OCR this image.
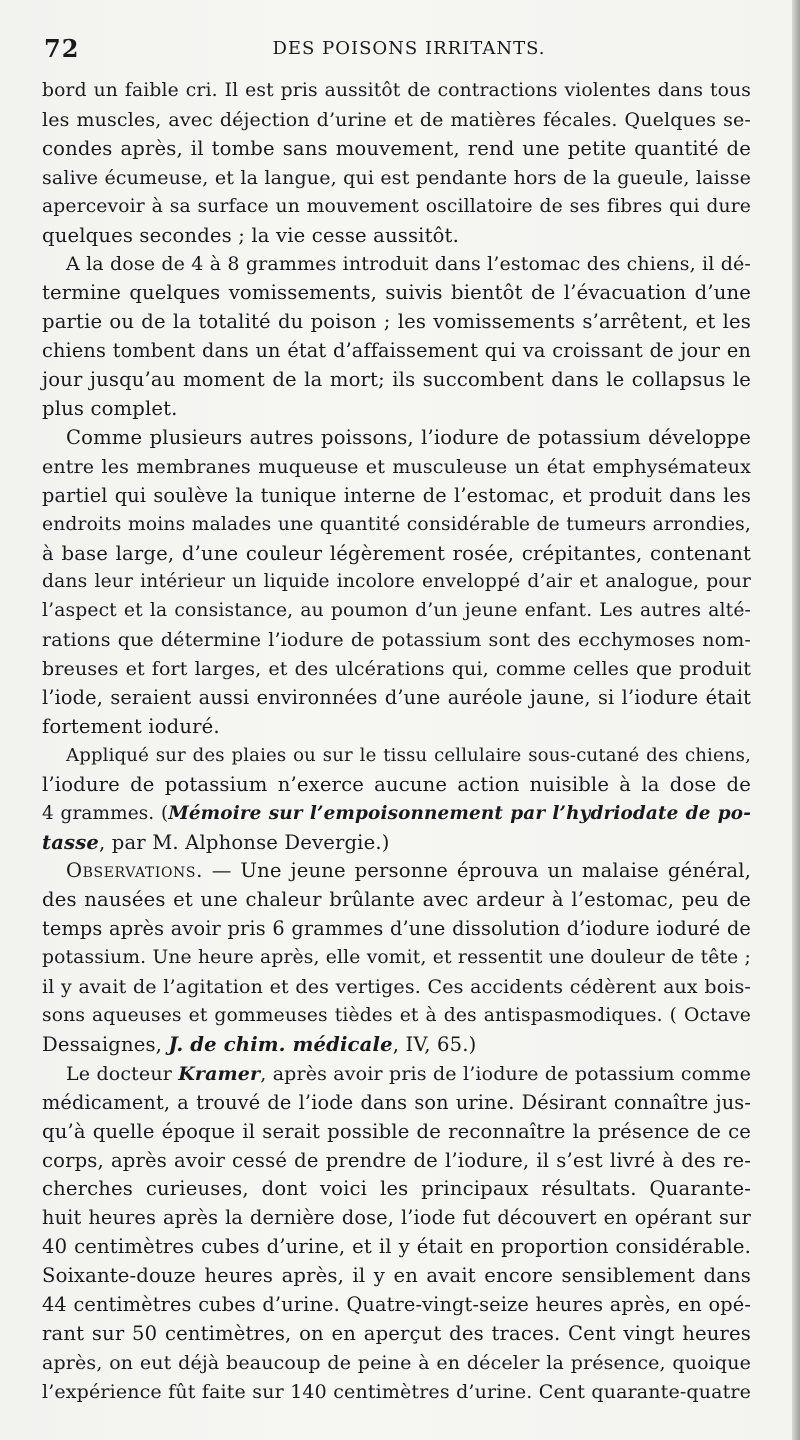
72	DES POISONS IRRITANTS.
bord un faible cri. Il est pris aussitôt de contractions violentes dans tous
les muscles, avec déjection d’urine et de matières fécales. Quelques se-
condes après, il tombe sans mouvement, rend une petite quantité de
salive écumeuse, et la langue, qui est pendante hors de la gueule, laisse
apercevoir à sa surface un mouvement oscillatoire de ses fibres qui dure
quelques secondes ; la vie cesse aussitôt.
A la dose de 4 à 8 grammes introduit dans l’estomac des chiens, il dé-
termine quelques vomissements, suivis bientôt de l’évacuation d’une
partie ou de la totalité du poison ; les vomissements s’arrêtent, et les
chiens tombent dans un état d’affaissement qui va croissant de jour en
jour jusqu’au moment de la mort; ils succombent dans le collapsus le
plus complet.
Comme plusieurs autres poissons, l’iodure de potassium développe
entre les membranes muqueuse et musculeuse un état emphysémateux
partiel qui soulève la tunique interne de l’estomac, et produit dans les
endroits moins malades une quantité considérable de tumeurs arrondies,
à base large, d’une couleur légèrement rosée, crépitantes, contenant
dans leur intérieur un liquide incolore enveloppé d’air et analogue, pour
l’aspect et la consistance, au poumon d’un jeune enfant. Les autres alté-
rations que détermine l’iodure de potassium sont des ecchymoses nom-
breuses et fort larges, et des ulcérations qui, comme celles que produit
l’iode, seraient aussi environnées d’une auréole jaune, si l’iodure était
fortement ioduré.
Appliqué sur des plaies ou sur le tissu cellulaire sous-cutané des chiens,
l’iodure de potassium n’exerce aucune action nuisible à la dose de
4 grammes. (Mémoire sur l’empoisonnement par l’hydriodate de po-
tasse, par M. Alphonse Devergie.)
Observations. — Une jeune personne éprouva un malaise général,
des nausées et une chaleur brûlante avec ardeur à l’estomac, peu de
temps après avoir pris 6 grammes d’une dissolution d’iodure ioduré de
potassium. Une heure après, elle vomit, et ressentit une douleur de tête ;
il y avait de l’agitation et des vertiges. Ces accidents cédèrent aux bois-
sons aqueuses et gommeuses tièdes et à des antispasmodiques. ( Octave
Dessaignes, J. de chim. médicale, IV, 65.)
Le docteur Kramer, après avoir pris de l’iodure de potassium comme
médicament, a trouvé de l’iode dans son urine. Désirant connaître jus-
qu’à quelle époque il serait possible de reconnaître la présence de ce
corps, après avoir cessé de prendre de l’iodure, il s’est livré à des re-
cherches curieuses, dont voici les principaux résultats. Quarante-
huit heures après la dernière dose, l’iode fut découvert en opérant sur
40 centimètres cubes d’urine, et il y était en proportion considérable.
Soixante-douze heures après, il y en avait encore sensiblement dans
44 centimètres cubes d’urine. Quatre-vingt-seize heures après, en opé-
rant sur 50 centimètres, on en aperçut des traces. Cent vingt heures
après, on eut déjà beaucoup de peine à en déceler la présence, quoique
l’expérience fût faite sur 140 centimètres d’urine. Cent quarante-quatre
